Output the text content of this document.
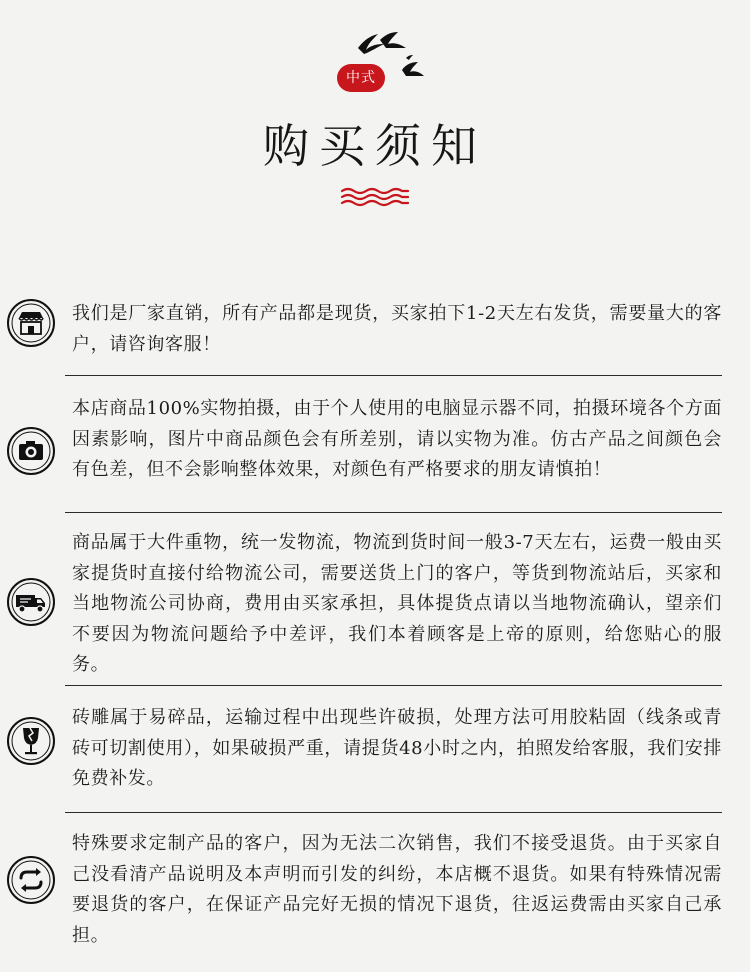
中式
购买须知
我们是厂家直销，所有产品都是现货，买家拍下1-2天左右发货，需要量大的客户，请咨询客服！
本店商品100%实物拍摄，由于个人使用的电脑显示器不同，拍摄环境各个方面因素影响，图片中商品颜色会有所差别，请以实物为准。仿古产品之间颜色会有色差，但不会影响整体效果，对颜色有严格要求的朋友请慎拍！
商品属于大件重物，统一发物流，物流到货时间一般3-7天左右，运费一般由买家提货时直接付给物流公司，需要送货上门的客户，等货到物流站后，买家和当地物流公司协商，费用由买家承担，具体提货点请以当地物流确认，望亲们不要因为物流问题给予中差评，我们本着顾客是上帝的原则，给您贴心的服务。
砖雕属于易碎品，运输过程中出现些许破损，处理方法可用胶粘固（线条或青砖可切割使用），如果破损严重，请提货48小时之内，拍照发给客服，我们安排免费补发。
特殊要求定制产品的客户，因为无法二次销售，我们不接受退货。由于买家自己没看清产品说明及本声明而引发的纠纷，本店概不退货。如果有特殊情况需要退货的客户，在保证产品完好无损的情况下退货，往返运费需由买家自己承担。
